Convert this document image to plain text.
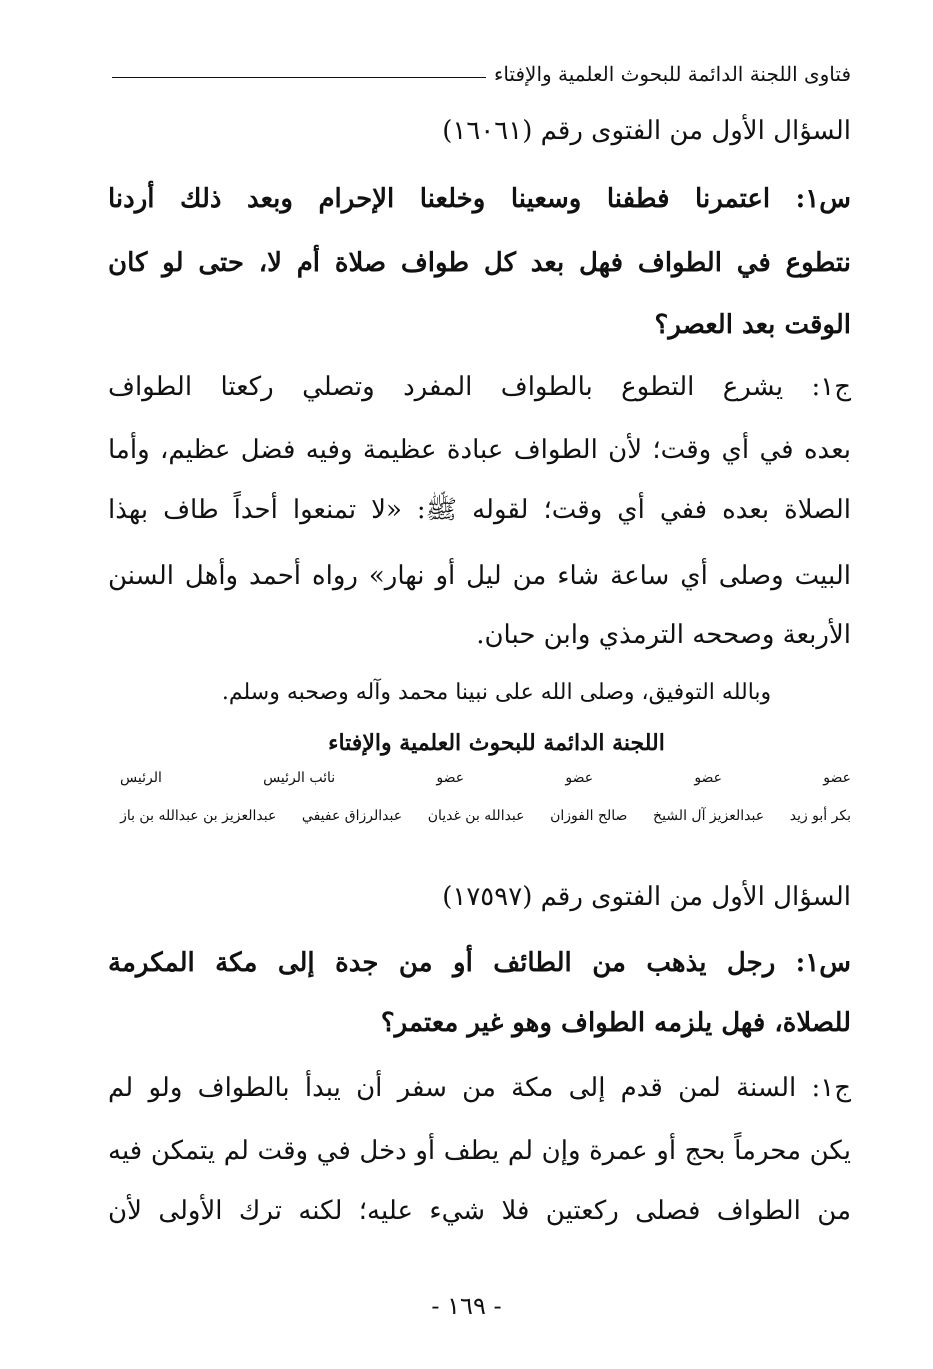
فتاوى اللجنة الدائمة للبحوث العلمية والإفتاء
السؤال الأول من الفتوى رقم (١٦٠٦١)
س١: اعتمرنا فطفنا وسعينا وخلعنا الإحرام وبعد ذلك أردنا
نتطوع في الطواف فهل بعد كل طواف صلاة أم لا، حتى لو كان
الوقت بعد العصر؟
ج١: يشرع التطوع بالطواف المفرد وتصلي ركعتا الطواف
بعده في أي وقت؛ لأن الطواف عبادة عظيمة وفيه فضل عظيم، وأما
الصلاة بعده ففي أي وقت؛ لقوله ﷺ: «لا تمنعوا أحداً طاف بهذا
البيت وصلى أي ساعة شاء من ليل أو نهار» رواه أحمد وأهل السنن
الأربعة وصححه الترمذي وابن حبان.
وبالله التوفيق، وصلى الله على نبينا محمد وآله وصحبه وسلم.
اللجنة الدائمة للبحوث العلمية والإفتاء
عضو
عضو
عضو
عضو
نائب الرئيس
الرئيس
بكر أبو زيد
عبدالعزيز آل الشيخ
صالح الفوزان
عبدالله بن غديان
عبدالرزاق عفيفي
عبدالعزيز بن عبدالله بن باز
السؤال الأول من الفتوى رقم (١٧٥٩٧)
س١: رجل يذهب من الطائف أو من جدة إلى مكة المكرمة
للصلاة، فهل يلزمه الطواف وهو غير معتمر؟
ج١: السنة لمن قدم إلى مكة من سفر أن يبدأ بالطواف ولو لم
يكن محرماً بحج أو عمرة وإن لم يطف أو دخل في وقت لم يتمكن فيه
من الطواف فصلى ركعتين فلا شيء عليه؛ لكنه ترك الأولى لأن
- ١٦٩ -
